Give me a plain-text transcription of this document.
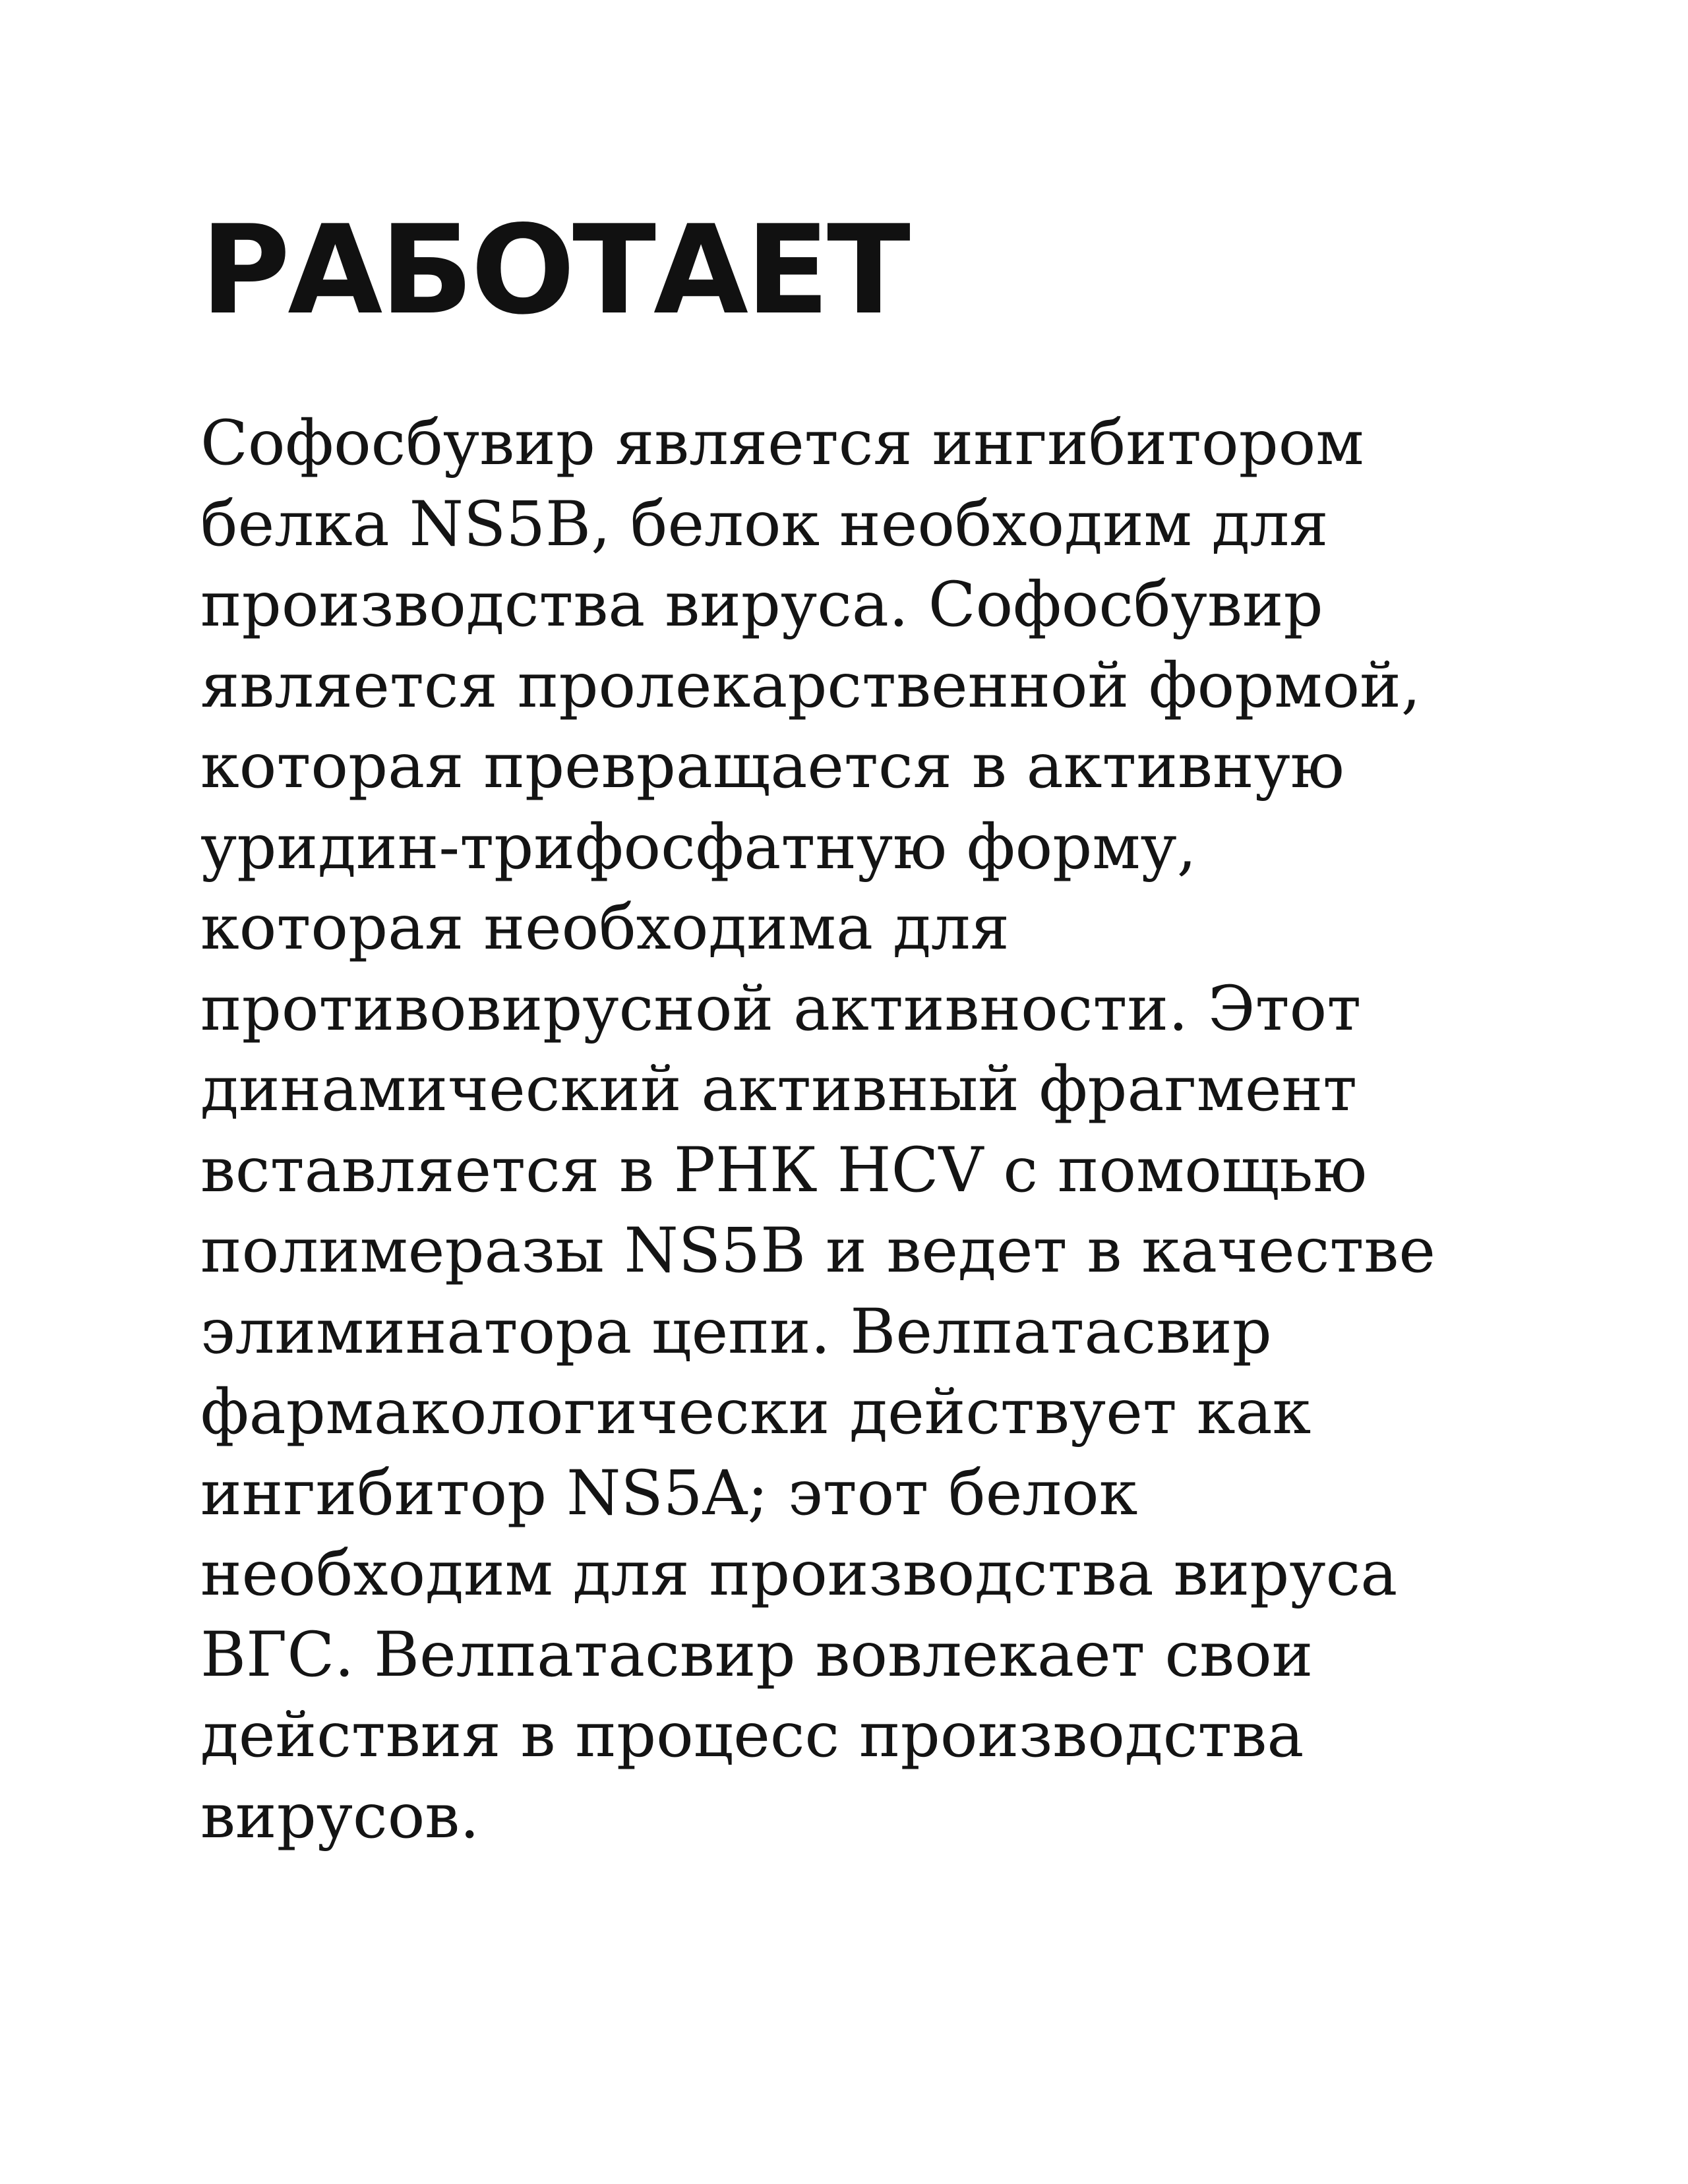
РАБОТАЕТ

Софосбувир является ингибитором
белка NS5B, белок необходим для
производства вируса. Софосбувир
является пролекарственной формой,
которая превращается в активную
уридин-трифосфатную форму,
которая необходима для
противовирусной активности. Этот
динамический активный фрагмент
вставляется в РНК HCV с помощью
полимеразы NS5B и ведет в качестве
элиминатора цепи. Велпатасвир
фармакологически действует как
ингибитор NS5A; этот белок
необходим для производства вируса
ВГС. Велпатасвир вовлекает свои
действия в процесс производства
вирусов.
